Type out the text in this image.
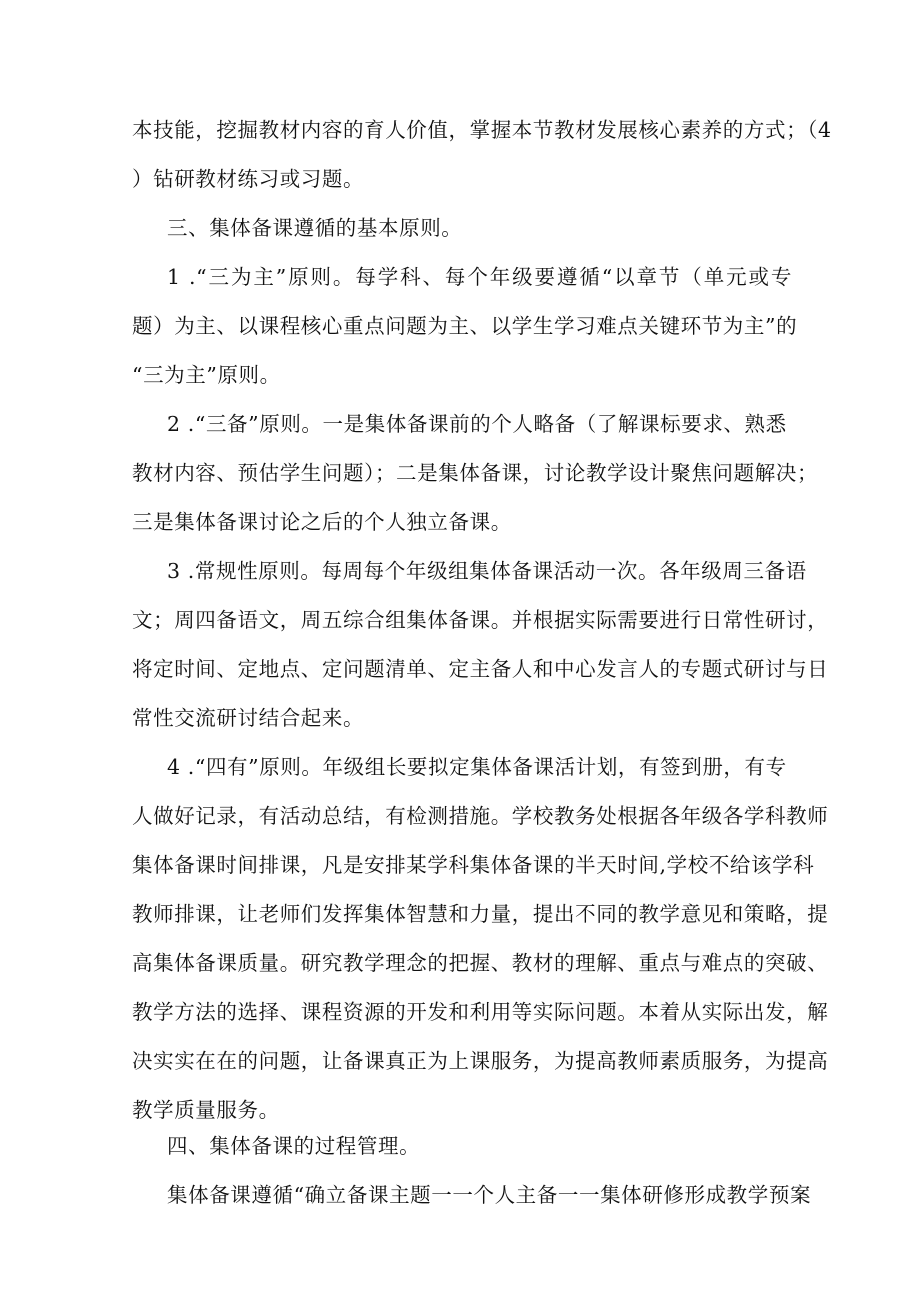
本技能，挖掘教材内容的育人价值，掌握本节教材发展核心素养的方式；（4
）钻研教材练习或习题。
三、集体备课遵循的基本原则。
1 .“三为主”原则。每学科、每个年级要遵循“以章节（单元或专
题）为主、以课程核心重点问题为主、以学生学习难点关键环节为主”的
“三为主”原则。
2 .“三备”原则。一是集体备课前的个人略备（了解课标要求、熟悉
教材内容、预估学生问题）；二是集体备课，讨论教学设计聚焦问题解决；
三是集体备课讨论之后的个人独立备课。
3 .常规性原则。每周每个年级组集体备课活动一次。各年级周三备语
文；周四备语文，周五综合组集体备课。并根据实际需要进行日常性研讨，
将定时间、定地点、定问题清单、定主备人和中心发言人的专题式研讨与日
常性交流研讨结合起来。
4 .“四有”原则。年级组长要拟定集体备课活计划，有签到册，有专
人做好记录，有活动总结，有检测措施。学校教务处根据各年级各学科教师
集体备课时间排课，凡是安排某学科集体备课的半天时间,学校不给该学科
教师排课，让老师们发挥集体智慧和力量，提出不同的教学意见和策略，提
高集体备课质量。研究教学理念的把握、教材的理解、重点与难点的突破、
教学方法的选择、课程资源的开发和利用等实际问题。本着从实际出发，解
决实实在在的问题，让备课真正为上课服务，为提高教师素质服务，为提高
教学质量服务。
四、集体备课的过程管理。
集体备课遵循“确立备课主题一一个人主备一一集体研修形成教学预案
